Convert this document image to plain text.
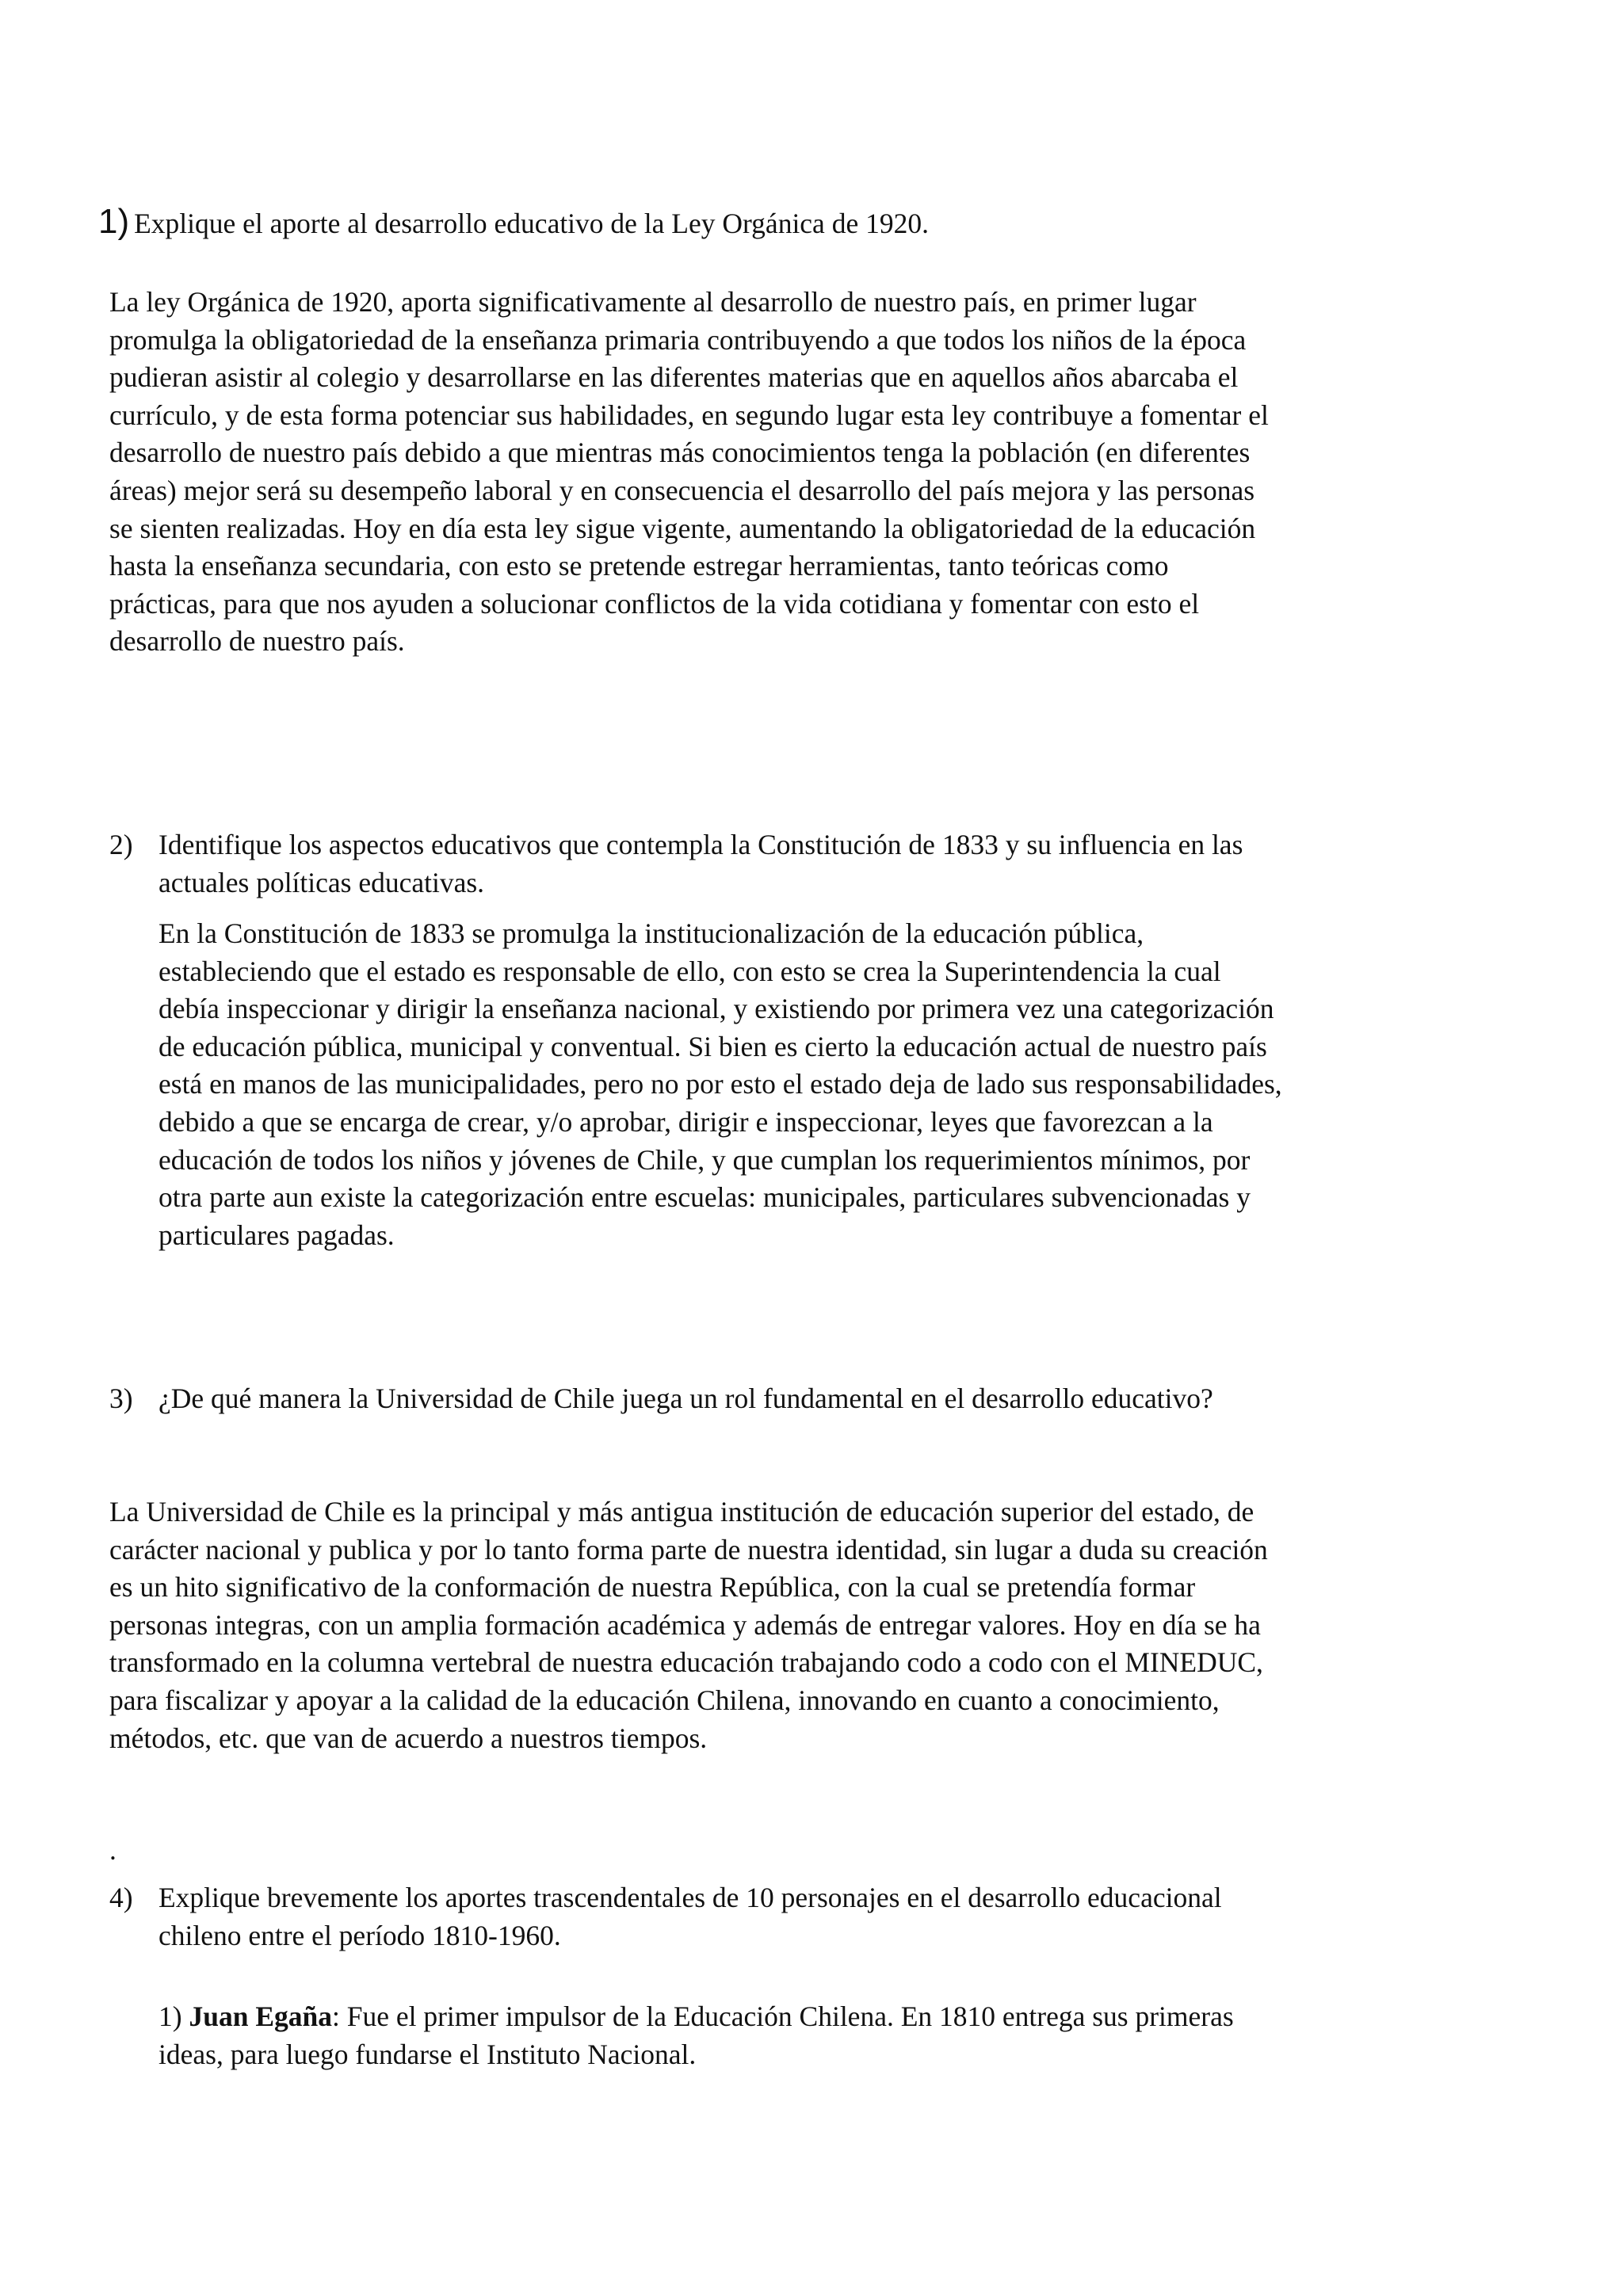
1) Explique el aporte al desarrollo educativo de la Ley Orgánica de 1920.
La ley Orgánica de 1920, aporta significativamente al desarrollo de nuestro país, en primer lugar
promulga la obligatoriedad de la enseñanza primaria contribuyendo a que todos los niños de la época
pudieran asistir al colegio y desarrollarse en las diferentes materias que en aquellos años abarcaba el
currículo, y de esta forma potenciar sus habilidades, en segundo lugar esta ley contribuye a fomentar el
desarrollo de nuestro país debido a que mientras más conocimientos tenga la población (en diferentes
áreas) mejor será su desempeño laboral y en consecuencia el desarrollo del país mejora y las personas
se sienten realizadas. Hoy en día esta ley sigue vigente, aumentando la obligatoriedad de la educación
hasta la enseñanza secundaria, con esto se pretende estregar herramientas, tanto teóricas como
prácticas, para que nos ayuden a solucionar conflictos de la vida cotidiana y fomentar con esto el
desarrollo de nuestro país.
2) Identifique los aspectos educativos que contempla la Constitución de 1833 y su influencia en las
actuales políticas educativas.
En la Constitución de 1833 se promulga la institucionalización de la educación pública,
estableciendo que el estado es responsable de ello, con esto se crea la Superintendencia la cual
debía inspeccionar y dirigir la enseñanza nacional, y existiendo por primera vez una categorización
de educación pública, municipal y conventual. Si bien es cierto la educación actual de nuestro país
está en manos de las municipalidades, pero no por esto el estado deja de lado sus responsabilidades,
debido a que se encarga de crear, y/o aprobar, dirigir e inspeccionar, leyes que favorezcan a la
educación de todos los niños y jóvenes de Chile, y que cumplan los requerimientos mínimos, por
otra parte aun existe la categorización entre escuelas: municipales, particulares subvencionadas y
particulares pagadas.
3) ¿De qué manera la Universidad de Chile juega un rol fundamental en el desarrollo educativo?
La Universidad de Chile es la principal y más antigua institución de educación superior del estado, de
carácter nacional y publica y por lo tanto forma parte de nuestra identidad, sin lugar a duda su creación
es un hito significativo de la conformación de nuestra República, con la cual se pretendía formar
personas integras, con un amplia formación académica y además de entregar valores. Hoy en día se ha
transformado en la columna vertebral de nuestra educación trabajando codo a codo con el MINEDUC,
para fiscalizar y apoyar a la calidad de la educación Chilena, innovando en cuanto a conocimiento,
métodos, etc. que van de acuerdo a nuestros tiempos.
.
4) Explique brevemente los aportes trascendentales de 10 personajes en el desarrollo educacional
chileno entre el período 1810-1960.
1) Juan Egaña: Fue el primer impulsor de la Educación Chilena. En 1810 entrega sus primeras
ideas, para luego fundarse el Instituto Nacional.
